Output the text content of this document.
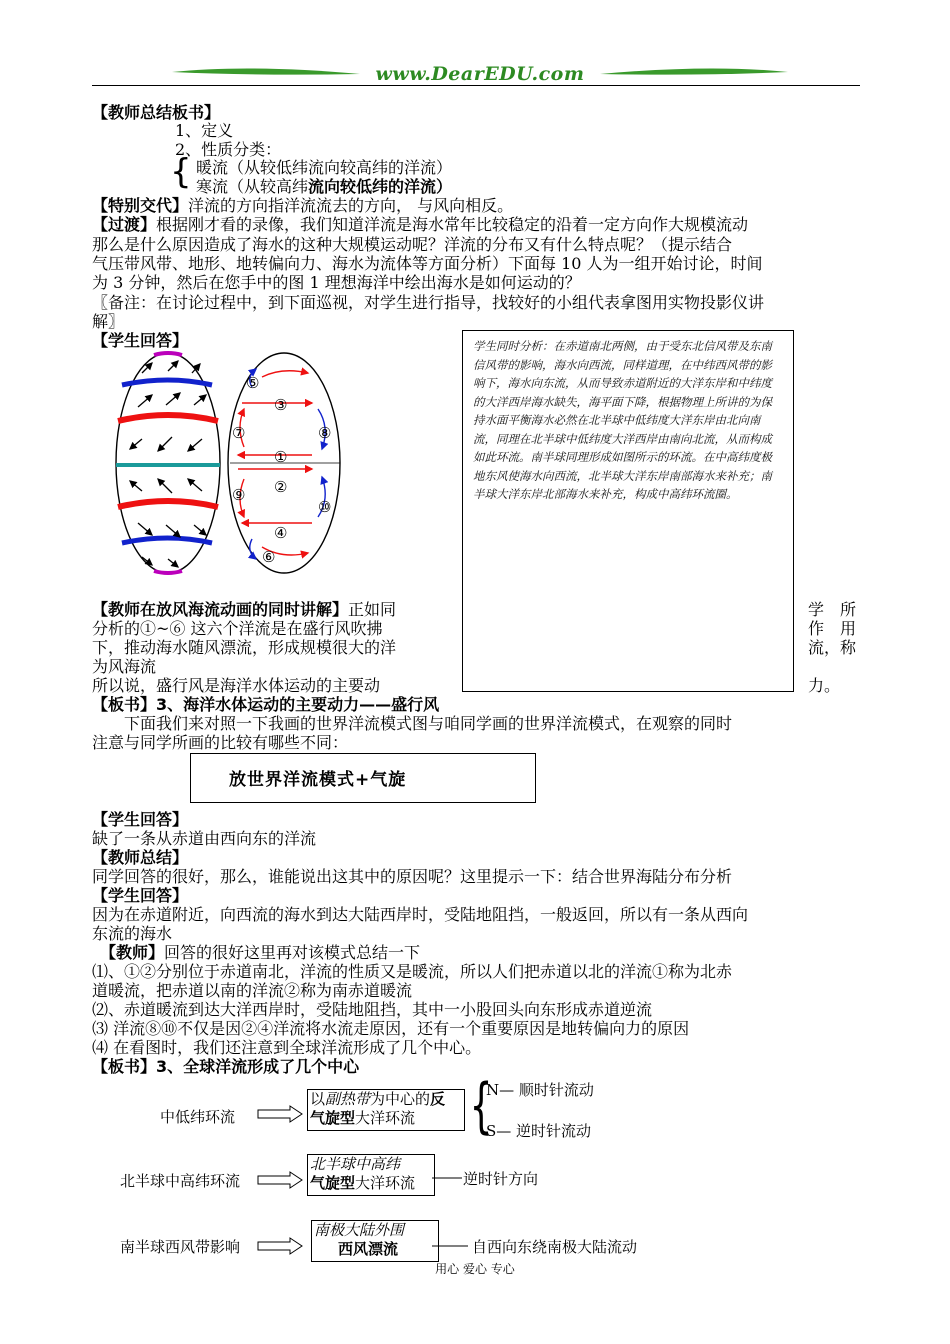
www.DearEDU.com
【教师总结板书】
1、定义
2、性质分类：
{ 暖流（从较低纬流向较高纬的洋流）
寒流（从较高纬流向较低纬的洋流）
【特别交代】洋流的方向指洋流流去的方向， 与风向相反。
【过渡】根据刚才看的录像，我们知道洋流是海水常年比较稳定的沿着一定方向作大规模流动
那么是什么原因造成了海水的这种大规模运动呢？洋流的分布又有什么特点呢？（提示结合
气压带风带、地形、地转偏向力、海水为流体等方面分析）下面每 10 人为一组开始讨论，时间
为 3 分钟，然后在您手中的图 1 理想海洋中绘出海水是如何运动的？
〖备注：在讨论过程中，到下面巡视，对学生进行指导，找较好的小组代表拿图用实物投影仪讲
解〗
【学生回答】
⑤
③
⑦	⑧
①
②
⑨
⑩
④
⑥
学生同时分析：在赤道南北两侧，由于受东北信风带及东南信风带的影响，海水向西流，同样道理，在中纬西风带的影响下，海水向东流，从而导致赤道附近的大洋东岸和中纬度的大洋西岸海水缺失，海平面下降，根据物理上所讲的为保持水面平衡海水必然在北半球中低纬度大洋东岸由北向南流，同理在北半球中低纬度大洋西岸由南向北流，从而构成如此环流。南半球同理形成如图所示的环流。在中高纬度极地东风使海水向西流，北半球大洋东岸南部海水来补充；南半球大洋东岸北部海水来补充，构成中高纬环流圈。
【教师在放风海流动画的同时讲解】正如同	学　所
分析的①~⑥ 这六个洋流是在盛行风吹拂	作　用
下，推动海水随风漂流，形成规模很大的洋	流，称
为风海流
所以说，盛行风是海洋水体运动的主要动	力。
【板书】3、海洋水体运动的主要动力——盛行风
下面我们来对照一下我画的世界洋流模式图与咱同学画的世界洋流模式，在观察的同时
注意与同学所画的比较有哪些不同：
放世界洋流模式+气旋
【学生回答】
缺了一条从赤道由西向东的洋流
【教师总结】
同学回答的很好，那么，谁能说出这其中的原因呢？这里提示一下：结合世界海陆分布分析
【学生回答】
因为在赤道附近，向西流的海水到达大陆西岸时，受陆地阻挡，一般返回，所以有一条从西向
东流的海水
【教师】回答的很好这里再对该模式总结一下
⑴、①②分别位于赤道南北，洋流的性质又是暖流，所以人们把赤道以北的洋流①称为北赤
道暖流，把赤道以南的洋流②称为南赤道暖流
⑵、赤道暖流到达大洋西岸时，受陆地阻挡，其中一小股回头向东形成赤道逆流
⑶ 洋流⑧⑩不仅是因②④洋流将水流走原因，还有一个重要原因是地转偏向力的原因
⑷ 在看图时，我们还注意到全球洋流形成了几个中心。
【板书】3、全球洋流形成了几个中心
中低纬环流
以副热带为中心的反
气旋型大洋环流 {
N— 顺时针流动
S— 逆时针流动
北半球中高纬环流
北半球中高纬
气旋型大洋环流	逆时针方向
南半球西风带影响
南极大陆外围
西风漂流	自西向东绕南极大陆流动
用心 爱心 专心
